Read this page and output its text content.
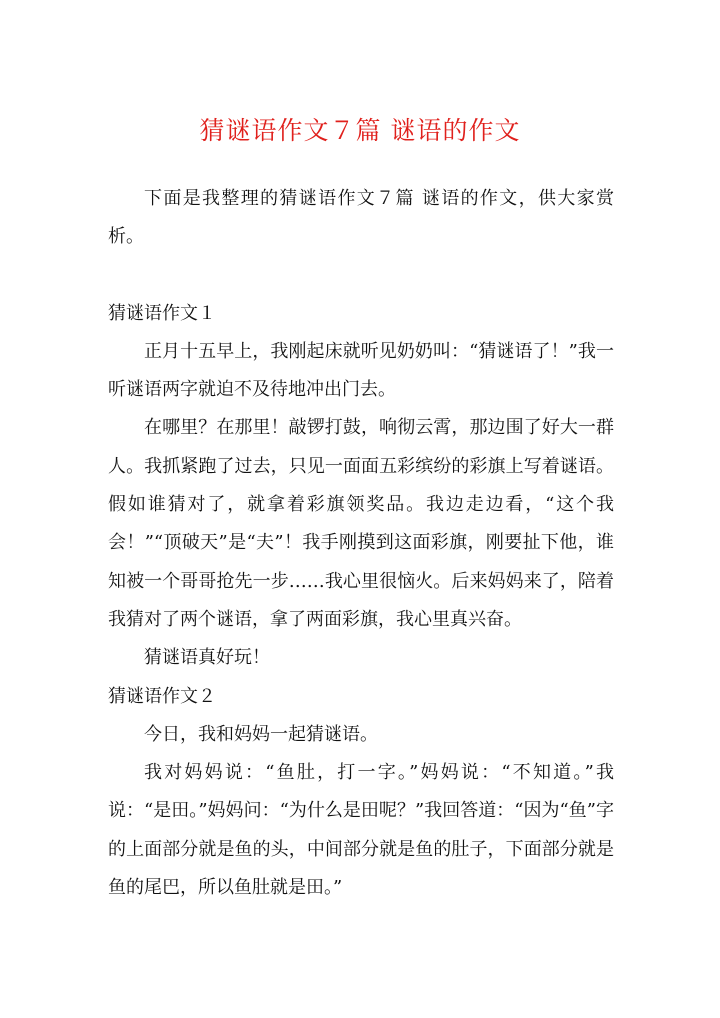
猜谜语作文７篇 谜语的作文

下面是我整理的猜谜语作文７篇 谜语的作文，供大家赏析。

猜谜语作文１

正月十五早上，我刚起床就听见奶奶叫：“猜谜语了！”我一听谜语两字就迫不及待地冲出门去。

在哪里？在那里！敲锣打鼓，响彻云霄，那边围了好大一群人。我抓紧跑了过去，只见一面面五彩缤纷的彩旗上写着谜语。假如谁猜对了，就拿着彩旗领奖品。我边走边看，“这个我会！”“顶破天”是“夫”！我手刚摸到这面彩旗，刚要扯下他，谁知被一个哥哥抢先一步……我心里很恼火。后来妈妈来了，陪着我猜对了两个谜语，拿了两面彩旗，我心里真兴奋。

猜谜语真好玩！

猜谜语作文２

今日，我和妈妈一起猜谜语。

我对妈妈说：“鱼肚，打一字。”妈妈说：“不知道。”我说：“是田。”妈妈问：“为什么是田呢？”我回答道：“因为“鱼”字的上面部分就是鱼的头，中间部分就是鱼的肚子，下面部分就是鱼的尾巴，所以鱼肚就是田。”
